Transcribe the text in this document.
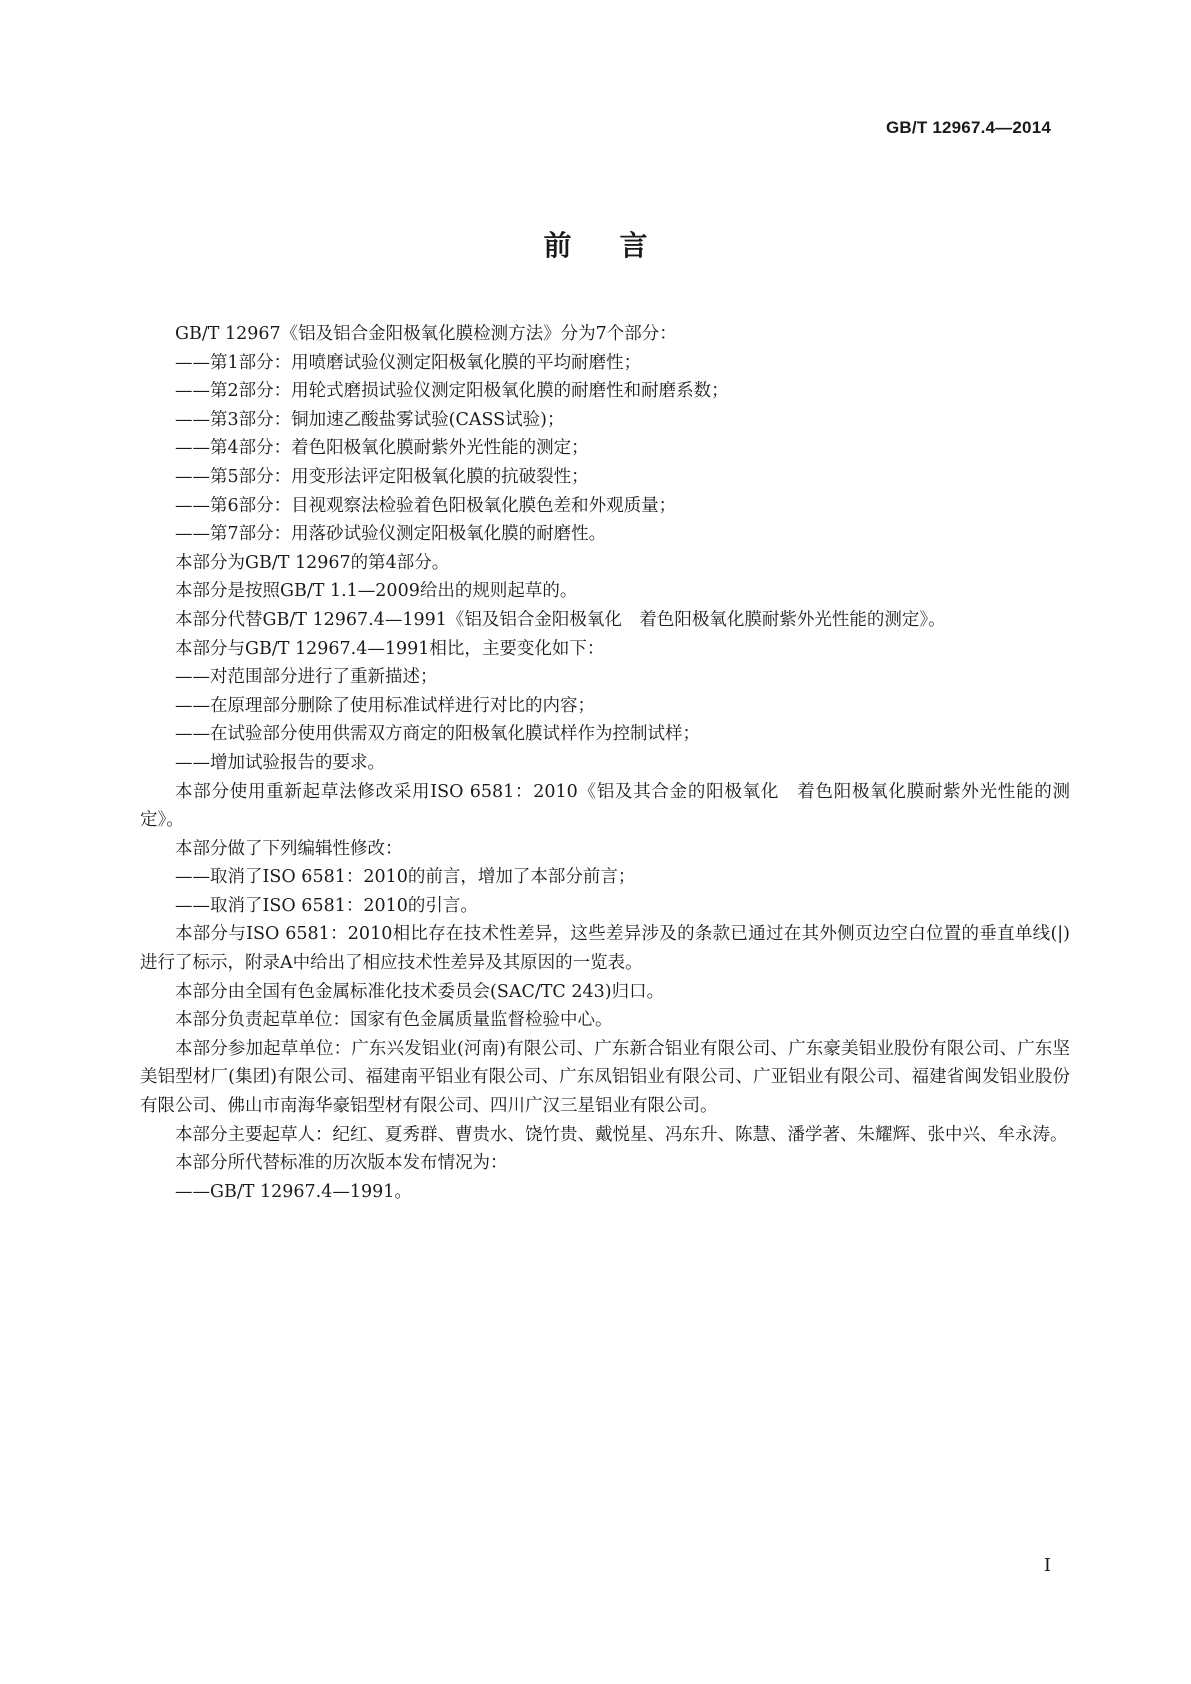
GB/T 12967.4—2014

前言

GB/T 12967《铝及铝合金阳极氧化膜检测方法》分为7个部分：

——第1部分：用喷磨试验仪测定阳极氧化膜的平均耐磨性；

——第2部分：用轮式磨损试验仪测定阳极氧化膜的耐磨性和耐磨系数；

——第3部分：铜加速乙酸盐雾试验(CASS试验)；

——第4部分：着色阳极氧化膜耐紫外光性能的测定；

——第5部分：用变形法评定阳极氧化膜的抗破裂性；

——第6部分：目视观察法检验着色阳极氧化膜色差和外观质量；

——第7部分：用落砂试验仪测定阳极氧化膜的耐磨性。

本部分为GB/T 12967的第4部分。

本部分是按照GB/T 1.1—2009给出的规则起草的。

本部分代替GB/T 12967.4—1991《铝及铝合金阳极氧化　着色阳极氧化膜耐紫外光性能的测定》。

本部分与GB/T 12967.4—1991相比，主要变化如下：

——对范围部分进行了重新描述；

——在原理部分删除了使用标准试样进行对比的内容；

——在试验部分使用供需双方商定的阳极氧化膜试样作为控制试样；

——增加试验报告的要求。

本部分使用重新起草法修改采用ISO 6581：2010《铝及其合金的阳极氧化　着色阳极氧化膜耐紫外光性能的测定》。

本部分做了下列编辑性修改：

——取消了ISO 6581：2010的前言，增加了本部分前言；

——取消了ISO 6581：2010的引言。

本部分与ISO 6581：2010相比存在技术性差异，这些差异涉及的条款已通过在其外侧页边空白位置的垂直单线(|)进行了标示，附录A中给出了相应技术性差异及其原因的一览表。

本部分由全国有色金属标准化技术委员会(SAC/TC 243)归口。

本部分负责起草单位：国家有色金属质量监督检验中心。

本部分参加起草单位：广东兴发铝业(河南)有限公司、广东新合铝业有限公司、广东豪美铝业股份有限公司、广东坚美铝型材厂(集团)有限公司、福建南平铝业有限公司、广东凤铝铝业有限公司、广亚铝业有限公司、福建省闽发铝业股份有限公司、佛山市南海华豪铝型材有限公司、四川广汉三星铝业有限公司。

本部分主要起草人：纪红、夏秀群、曹贵水、饶竹贵、戴悦星、冯东升、陈慧、潘学著、朱耀辉、张中兴、牟永涛。

本部分所代替标准的历次版本发布情况为：

——GB/T 12967.4—1991。

I
